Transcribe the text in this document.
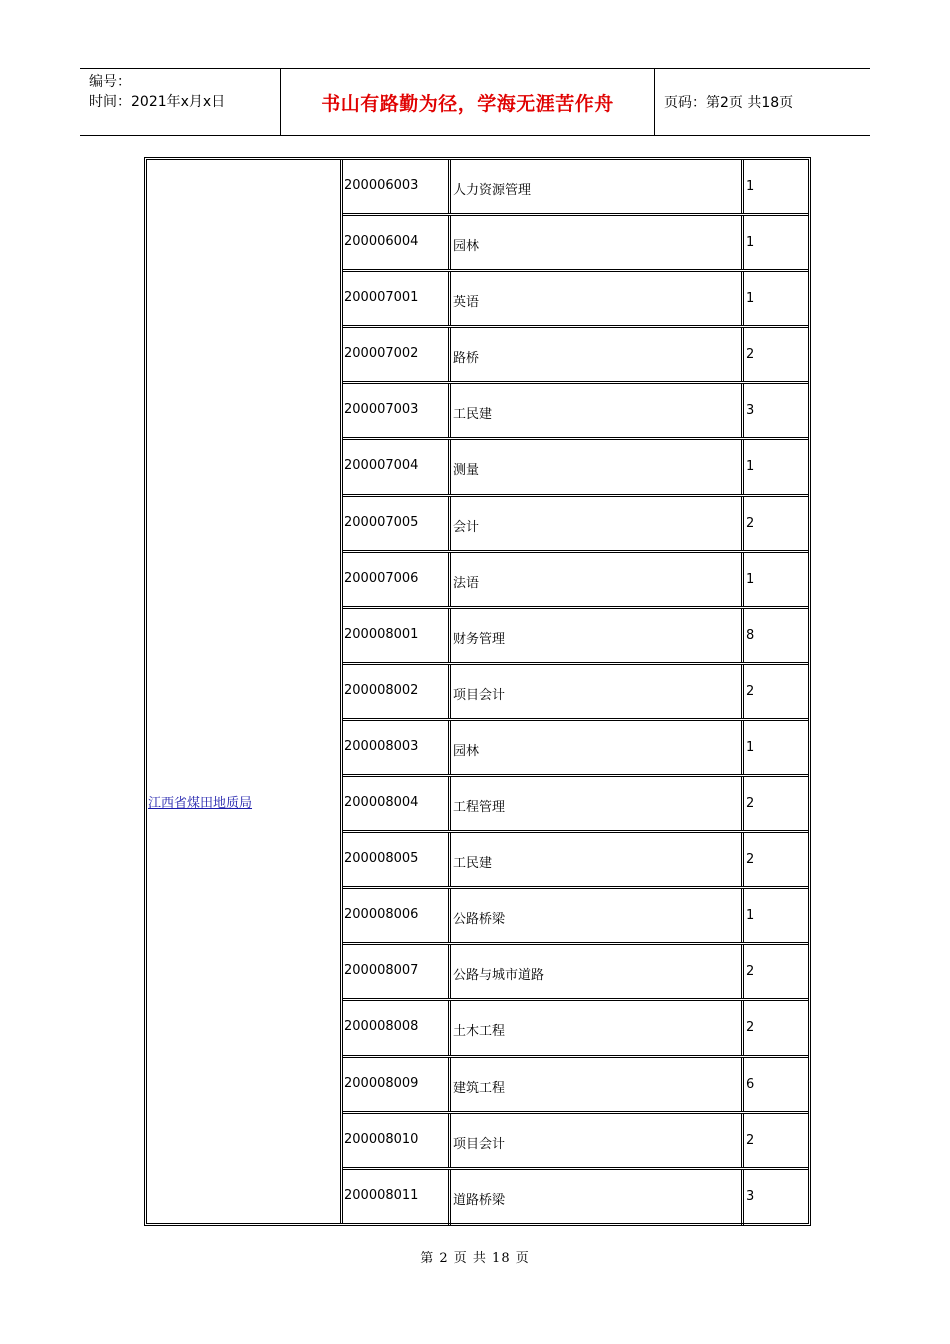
编号：
时间：2021年x月x日	书山有路勤为径，学海无涯苦作舟	页码：第2页 共18页
江西省煤田地质局
200006003	人力资源管理	1
200006004	园林	1
200007001	英语	1
200007002	路桥	2
200007003	工民建	3
200007004	测量	1
200007005	会计	2
200007006	法语	1
200008001	财务管理	8
200008002	项目会计	2
200008003	园林	1
200008004	工程管理	2
200008005	工民建	2
200008006	公路桥梁	1
200008007	公路与城市道路	2
200008008	土木工程	2
200008009	建筑工程	6
200008010	项目会计	2
200008011	道路桥梁	3
第 2 页 共 18 页
